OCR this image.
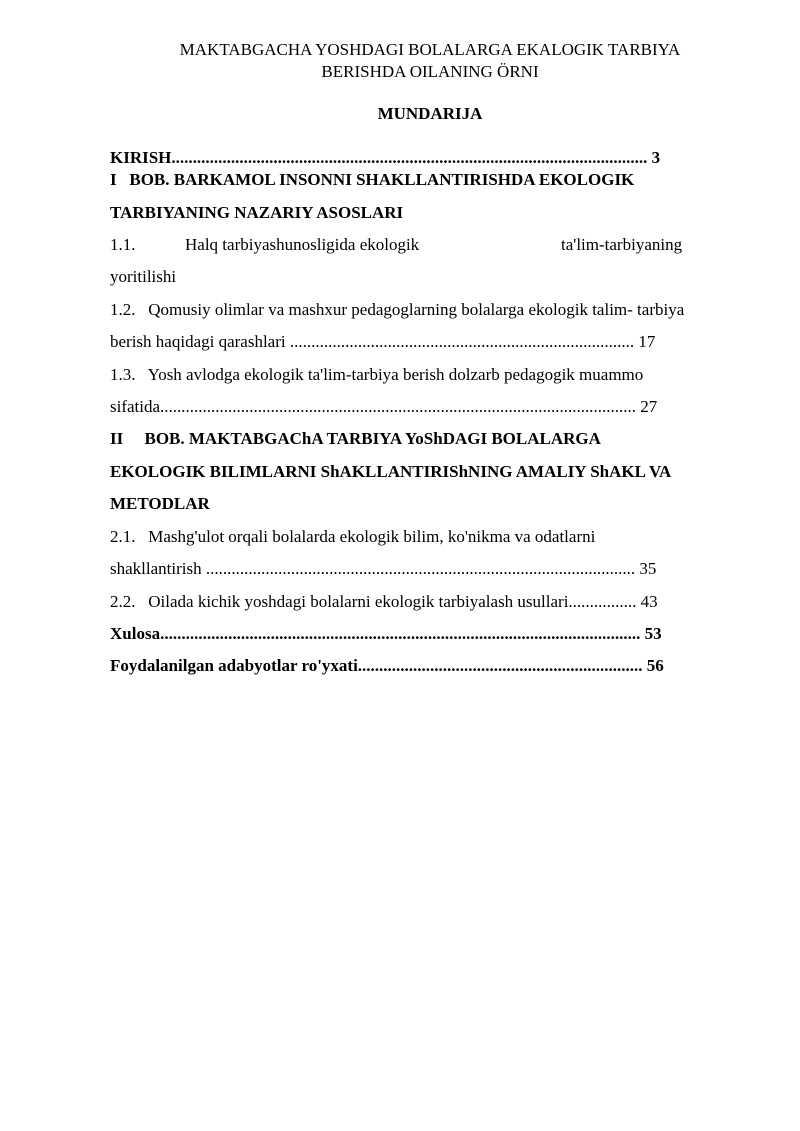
MAKTABGACHA YOSHDAGI BOLALARGA EKALOGIK TARBIYA
BERISHDA OILANING ÖRNI
MUNDARIJA
KIRISH................................................................................................................ 3
I   BOB. BARKAMOL INSONNI SHAKLLANTIRISHDA EKOLOGIK
TARBIYANING NAZARIY ASOSLARI
1.1.	Halq tarbiyashunosligida ekologik	ta'lim-tarbiyaning
yoritilishi
1.2.   Qomusiy olimlar va mashxur pedagoglarning bolalarga ekologik talim- tarbiya
berish haqidagi qarashlari ................................................................................. 17
1.3.   Yosh avlodga ekologik ta'lim-tarbiya berish dolzarb pedagogik muammo
sifatida................................................................................................................ 27
II     BOB. MAKTABGAChA TARBIYA YoShDAGI BOLALARGA
EKOLOGIK BILIMLARNI ShAKLLANTIRIShNING AMALIY ShAKL VA
METODLAR
2.1.   Mashg'ulot orqali bolalarda ekologik bilim, ko'nikma va odatlarni
shakllantirish ..................................................................................................... 35
2.2.   Oilada kichik yoshdagi bolalarni ekologik tarbiyalash usullari................ 43
Xulosa................................................................................................................. 53
Foydalanilgan adabyotlar ro'yxati................................................................... 56
